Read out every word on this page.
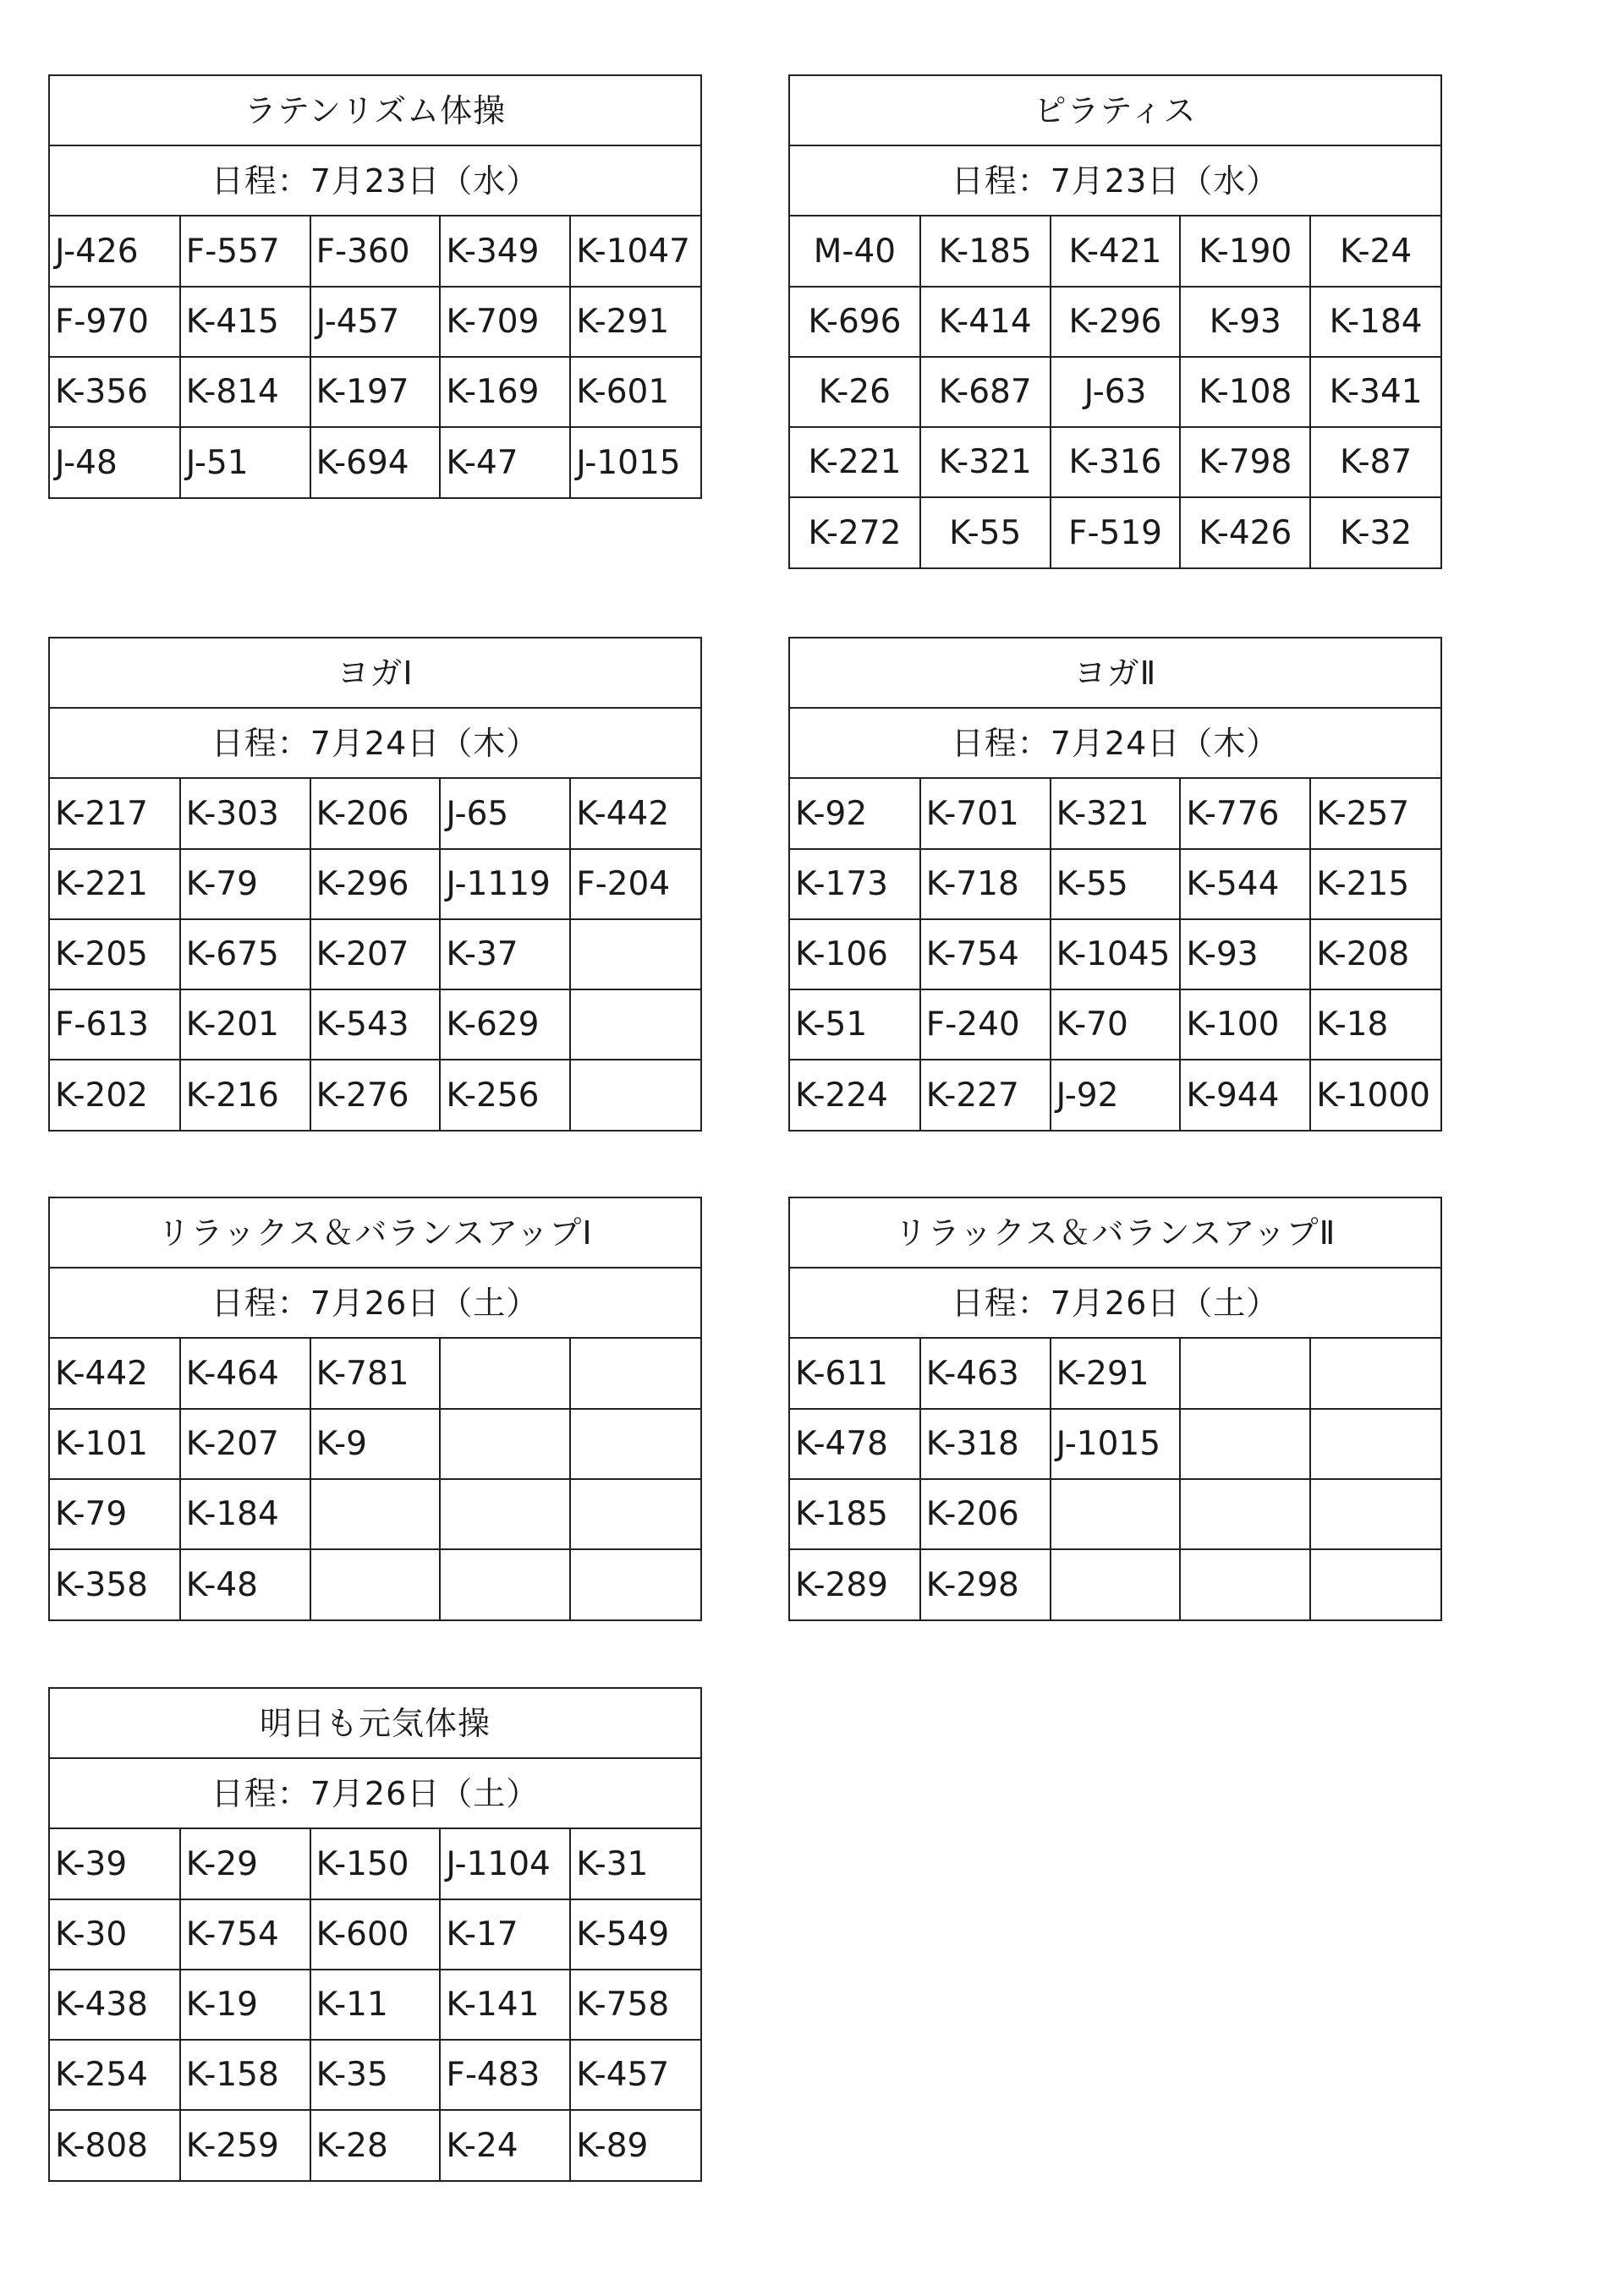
ラテンリズム体操
日程：7月23日（水）
J-426	F-557	F-360	K-349	K-1047
F-970	K-415	J-457	K-709	K-291
K-356	K-814	K-197	K-169	K-601
J-48	J-51	K-694	K-47	J-1015
ピラティス
日程：7月23日（水）
M-40	K-185	K-421	K-190	K-24
K-696	K-414	K-296	K-93	K-184
K-26	K-687	J-63	K-108	K-341
K-221	K-321	K-316	K-798	K-87
K-272	K-55	F-519	K-426	K-32
ヨガⅠ
日程：7月24日（木）
K-217	K-303	K-206	J-65	K-442
K-221	K-79	K-296	J-1119	F-204
K-205	K-675	K-207	K-37	
F-613	K-201	K-543	K-629	
K-202	K-216	K-276	K-256	
ヨガⅡ
日程：7月24日（木）
K-92	K-701	K-321	K-776	K-257
K-173	K-718	K-55	K-544	K-215
K-106	K-754	K-1045	K-93	K-208
K-51	F-240	K-70	K-100	K-18
K-224	K-227	J-92	K-944	K-1000
リラックス＆バランスアップⅠ
日程：7月26日（土）
K-442	K-464	K-781		
K-101	K-207	K-9		
K-79	K-184			
K-358	K-48			
リラックス＆バランスアップⅡ
日程：7月26日（土）
K-611	K-463	K-291		
K-478	K-318	J-1015		
K-185	K-206			
K-289	K-298			
明日も元気体操
日程：7月26日（土）
K-39	K-29	K-150	J-1104	K-31
K-30	K-754	K-600	K-17	K-549
K-438	K-19	K-11	K-141	K-758
K-254	K-158	K-35	F-483	K-457
K-808	K-259	K-28	K-24	K-89
